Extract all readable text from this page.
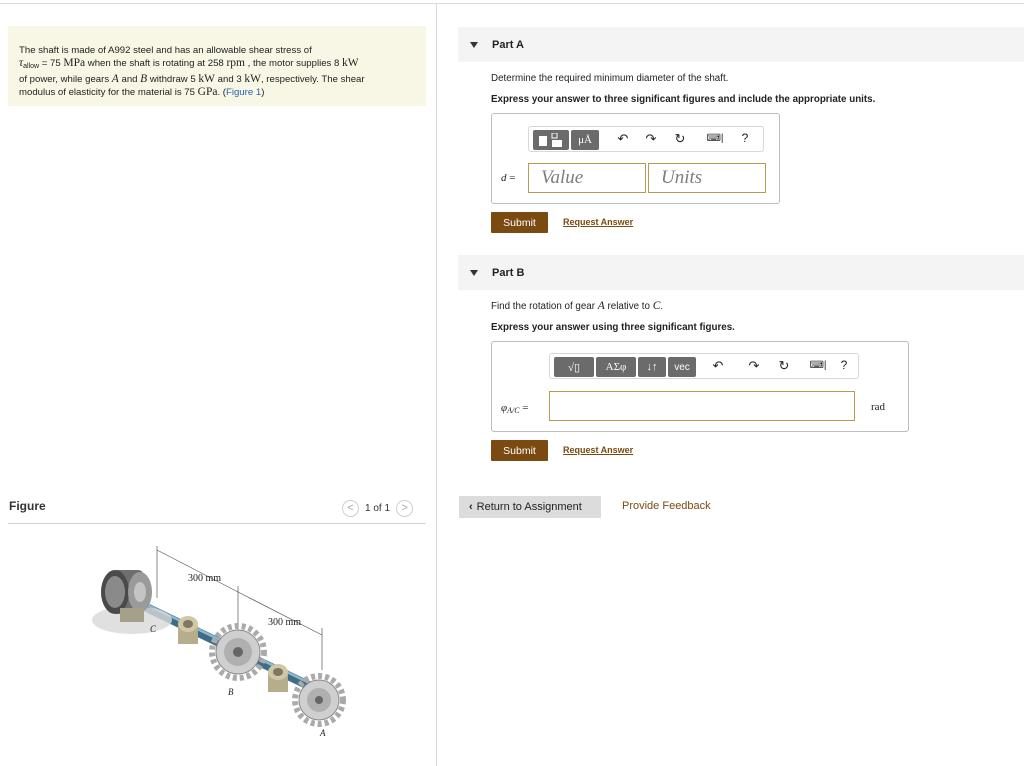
The shaft is made of A992 steel and has an allowable shear stress of
$\tau_{allow} = 75$ MPa when the shaft is rotating at 258 rpm , the motor supplies 8 kW
of power, while gears A and B withdraw 5 kW and 3 kW, respectively. The shear
modulus of elasticity for the material is 75 GPa. (Figure 1)
Figure	<	1 of 1	>
300 mm
300 mm
C
B
A
Part A
Determine the required minimum diameter of the shaft.
Express your answer to three significant figures and include the appropriate units.
μÅ	↶ ↷ ↻	⌨|	?
d =	Value	Units
Submit	Request Answer
Part B
Find the rotation of gear A relative to C.
Express your answer using three significant figures.
√▯	ΑΣφ	↓↑	vec	↶ ↷ ↻	⌨|	?
$\varphi_{A/C}$ =	rad
Submit	Request Answer
‹ Return to Assignment	Provide Feedback
